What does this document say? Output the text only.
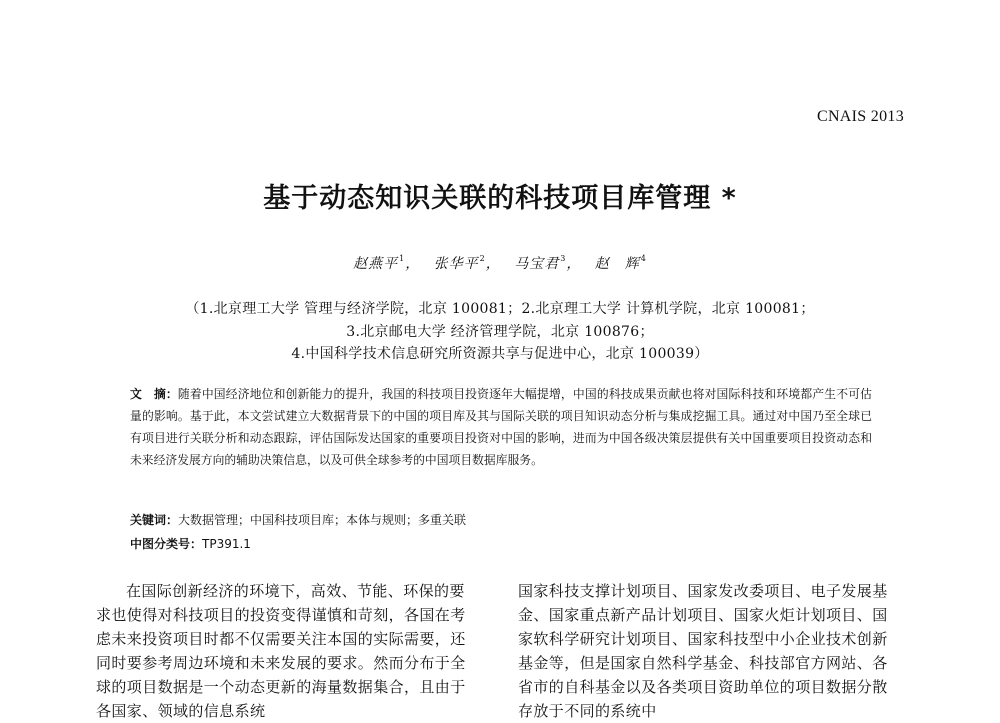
CNAIS 2013
基于动态知识关联的科技项目库管理 *
赵燕平$^1$， 张华平$^2$， 马宝君$^3$， 赵　辉$^4$
（1.北京理工大学 管理与经济学院，北京 100081；2.北京理工大学 计算机学院，北京 100081；
3.北京邮电大学 经济管理学院，北京 100876；
4.中国科学技术信息研究所资源共享与促进中心，北京 100039）
文　摘：随着中国经济地位和创新能力的提升，我国的科技项目投资逐年大幅提增，中国的科技成果贡献也将对国际科技和环境都产生不可估量的影响。基于此，本文尝试建立大数据背景下的中国的项目库及其与国际关联的项目知识动态分析与集成挖掘工具。通过对中国乃至全球已有项目进行关联分析和动态跟踪，评估国际发达国家的重要项目投资对中国的影响，进而为中国各级决策层提供有关中国重要项目投资动态和未来经济发展方向的辅助决策信息，以及可供全球参考的中国项目数据库服务。
关键词：大数据管理；中国科技项目库；本体与规则；多重关联
中图分类号：TP391.1
在国际创新经济的环境下，高效、节能、环保的要求也使得对科技项目的投资变得谨慎和苛刻，各国在考虑未来投资项目时都不仅需要关注本国的实际需要，还同时要参考周边环境和未来发展的要求。然而分布于全球的项目数据是一个动态更新的海量数据集合，且由于各国家、领域的信息系统
国家科技支撑计划项目、国家发改委项目、电子发展基金、国家重点新产品计划项目、国家火炬计划项目、国家软科学研究计划项目、国家科技型中小企业技术创新基金等，但是国家自然科学基金、科技部官方网站、各省市的自科基金以及各类项目资助单位的项目数据分散存放于不同的系统中
